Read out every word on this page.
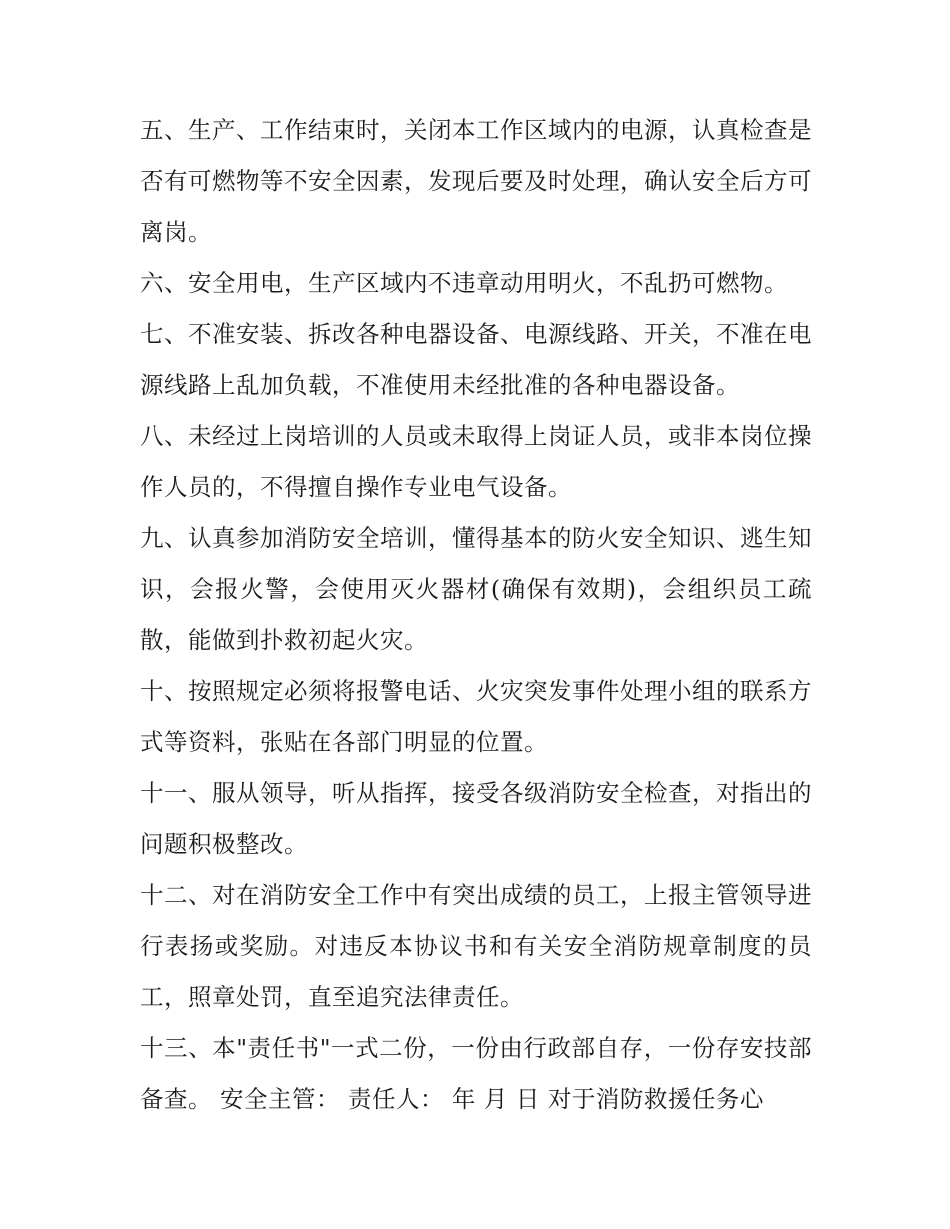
五、生产、工作结束时，关闭本工作区域内的电源，认真检查是否有可燃物等不安全因素，发现后要及时处理，确认安全后方可离岗。

六、安全用电，生产区域内不违章动用明火，不乱扔可燃物。

七、不准安装、拆改各种电器设备、电源线路、开关，不准在电源线路上乱加负载，不准使用未经批准的各种电器设备。

八、未经过上岗培训的人员或未取得上岗证人员，或非本岗位操作人员的，不得擅自操作专业电气设备。

九、认真参加消防安全培训，懂得基本的防火安全知识、逃生知识，会报火警，会使用灭火器材(确保有效期)，会组织员工疏散，能做到扑救初起火灾。

十、按照规定必须将报警电话、火灾突发事件处理小组的联系方式等资料，张贴在各部门明显的位置。

十一、服从领导，听从指挥，接受各级消防安全检查，对指出的问题积极整改。

十二、对在消防安全工作中有突出成绩的员工，上报主管领导进行表扬或奖励。对违反本协议书和有关安全消防规章制度的员工，照章处罚，直至追究法律责任。

十三、本"责任书"一式二份，一份由行政部自存，一份存安技部备查。 安全主管： 责任人： 年 月 日 对于消防救援任务心
